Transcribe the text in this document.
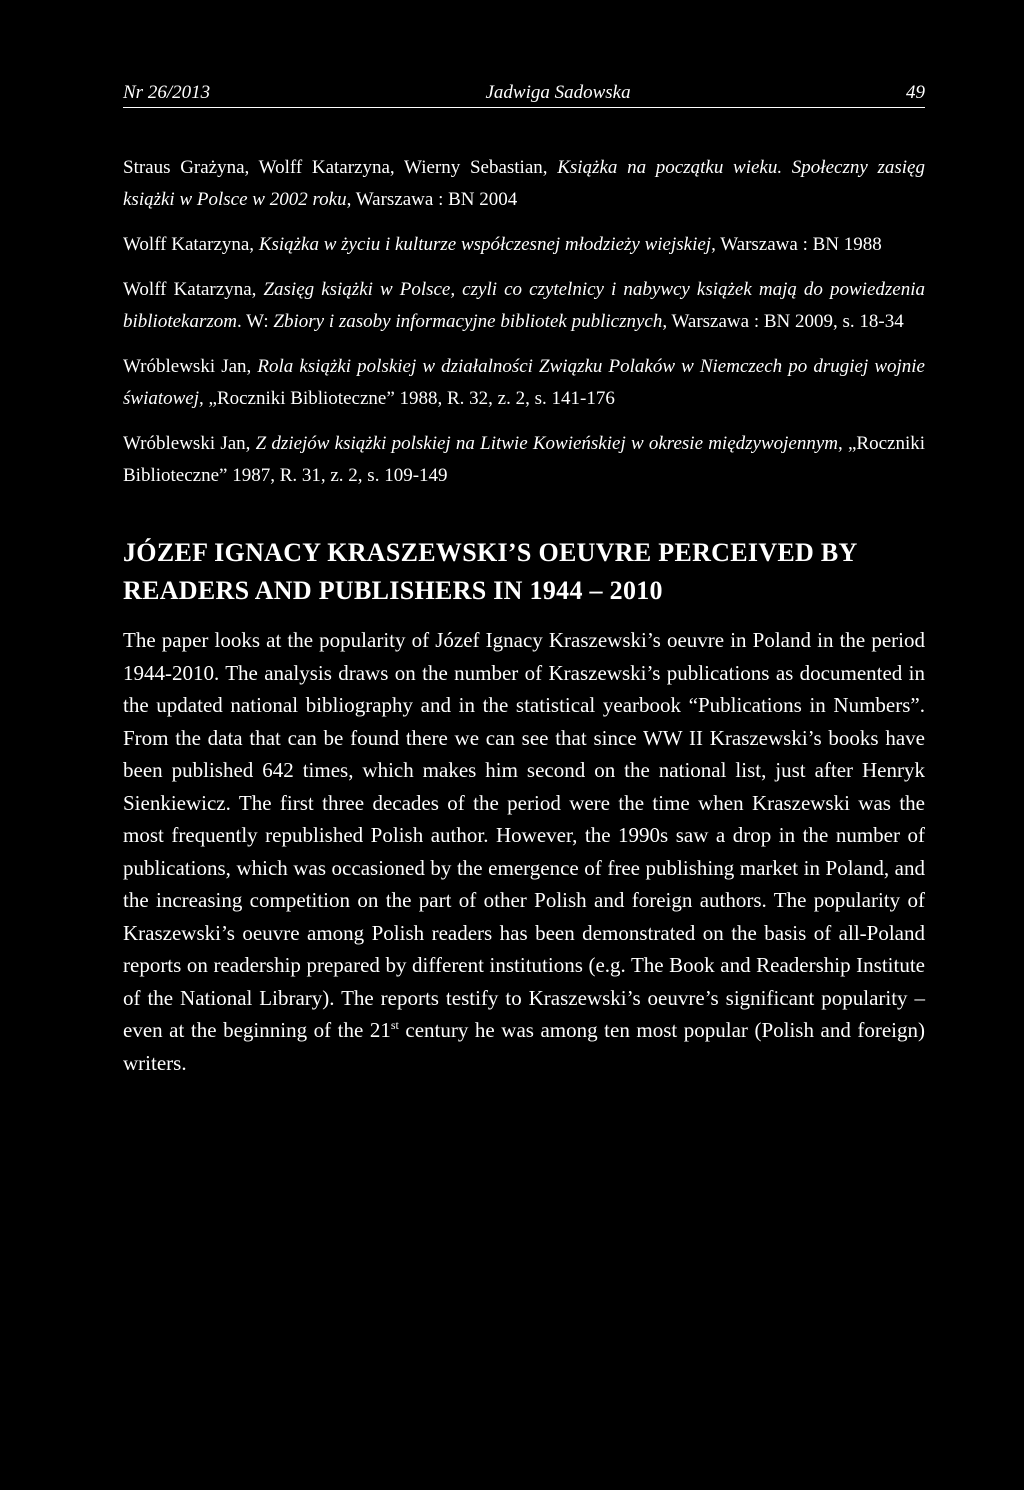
Nr 26/2013	Jadwiga Sadowska	49

Straus Grażyna, Wolff Katarzyna, Wierny Sebastian, Książka na początku wieku. Społeczny zasięg książki w Polsce w 2002 roku, Warszawa : BN 2004

Wolff Katarzyna, Książka w życiu i kulturze współczesnej młodzieży wiejskiej, Warszawa : BN 1988

Wolff Katarzyna, Zasięg książki w Polsce, czyli co czytelnicy i nabywcy książek mają do powiedzenia bibliotekarzom. W: Zbiory i zasoby informacyjne bibliotek publicznych, Warszawa : BN 2009, s. 18-34

Wróblewski Jan, Rola książki polskiej w działalności Związku Polaków w Niemczech po drugiej wojnie światowej, „Roczniki Biblioteczne” 1988, R. 32, z. 2, s. 141-176

Wróblewski Jan, Z dziejów książki polskiej na Litwie Kowieńskiej w okresie międzywojennym, „Roczniki Biblioteczne” 1987, R. 31, z. 2, s. 109-149

JÓZEF IGNACY KRASZEWSKI’S OEUVRE PERCEIVED BY READERS AND PUBLISHERS IN 1944 – 2010

The paper looks at the popularity of Józef Ignacy Kraszewski’s oeuvre in Poland in the period 1944-2010. The analysis draws on the number of Kraszewski’s publications as documented in the updated national bibliography and in the statistical yearbook “Publications in Numbers”. From the data that can be found there we can see that since WW II Kraszewski’s books have been published 642 times, which makes him second on the national list, just after Henryk Sienkiewicz. The first three decades of the period were the time when Kraszewski was the most frequently republished Polish author. However, the 1990s saw a drop in the number of publications, which was occasioned by the emergence of free publishing market in Poland, and the increasing competition on the part of other Polish and foreign authors. The popularity of Kraszewski’s oeuvre among Polish readers has been demonstrated on the basis of all-Poland reports on readership prepared by different institutions (e.g. The Book and Readership Institute of the National Library). The reports testify to Kraszewski’s oeuvre’s significant popularity – even at the beginning of the 21st century he was among ten most popular (Polish and foreign) writers.
